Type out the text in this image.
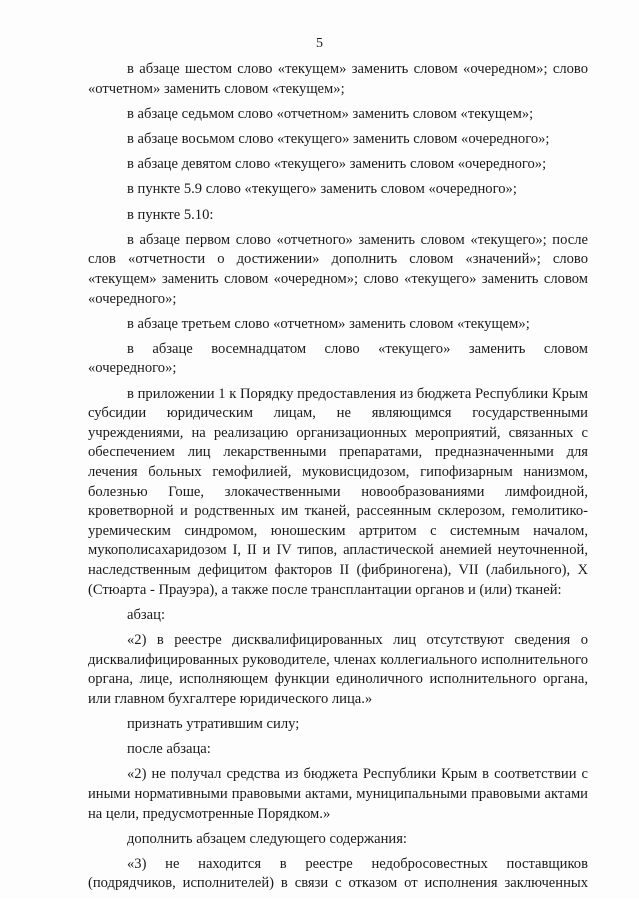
5

в абзаце шестом слово «текущем» заменить словом «очередном»; слово «отчетном» заменить словом «текущем»;

в абзаце седьмом слово «отчетном» заменить словом «текущем»;

в абзаце восьмом слово «текущего» заменить словом «очередного»;

в абзаце девятом слово «текущего» заменить словом «очередного»;

в пункте 5.9 слово «текущего» заменить словом «очередного»;

в пункте 5.10:

в абзаце первом слово «отчетного» заменить словом «текущего»; после слов «отчетности о достижении» дополнить словом «значений»; слово «текущем» заменить словом «очередном»; слово «текущего» заменить словом «очередного»;

в абзаце третьем слово «отчетном» заменить словом «текущем»;

в абзаце восемнадцатом слово «текущего» заменить словом «очередного»;

в приложении 1 к Порядку предоставления из бюджета Республики Крым субсидии юридическим лицам, не являющимся государственными учреждениями, на реализацию организационных мероприятий, связанных с обеспечением лиц лекарственными препаратами, предназначенными для лечения больных гемофилией, муковисцидозом, гипофизарным нанизмом, болезнью Гоше, злокачественными новообразованиями лимфоидной, кроветворной и родственных им тканей, рассеянным склерозом, гемолитико-уремическим синдромом, юношеским артритом с системным началом, мукополисахаридозом I, II и IV типов, апластической анемией неуточненной, наследственным дефицитом факторов II (фибриногена), VII (лабильного), X (Стюарта - Прауэра), а также после трансплантации органов и (или) тканей:

абзац:

«2) в реестре дисквалифицированных лиц отсутствуют сведения о дисквалифицированных руководителе, членах коллегиального исполнительного органа, лице, исполняющем функции единоличного исполнительного органа, или главном бухгалтере юридического лица.»

признать утратившим силу;

после абзаца:

«2) не получал средства из бюджета Республики Крым в соответствии с иными нормативными правовыми актами, муниципальными правовыми актами на цели, предусмотренные Порядком.»

дополнить абзацем следующего содержания:

«3) не находится в реестре недобросовестных поставщиков (подрядчиков, исполнителей) в связи с отказом от исполнения заключенных
